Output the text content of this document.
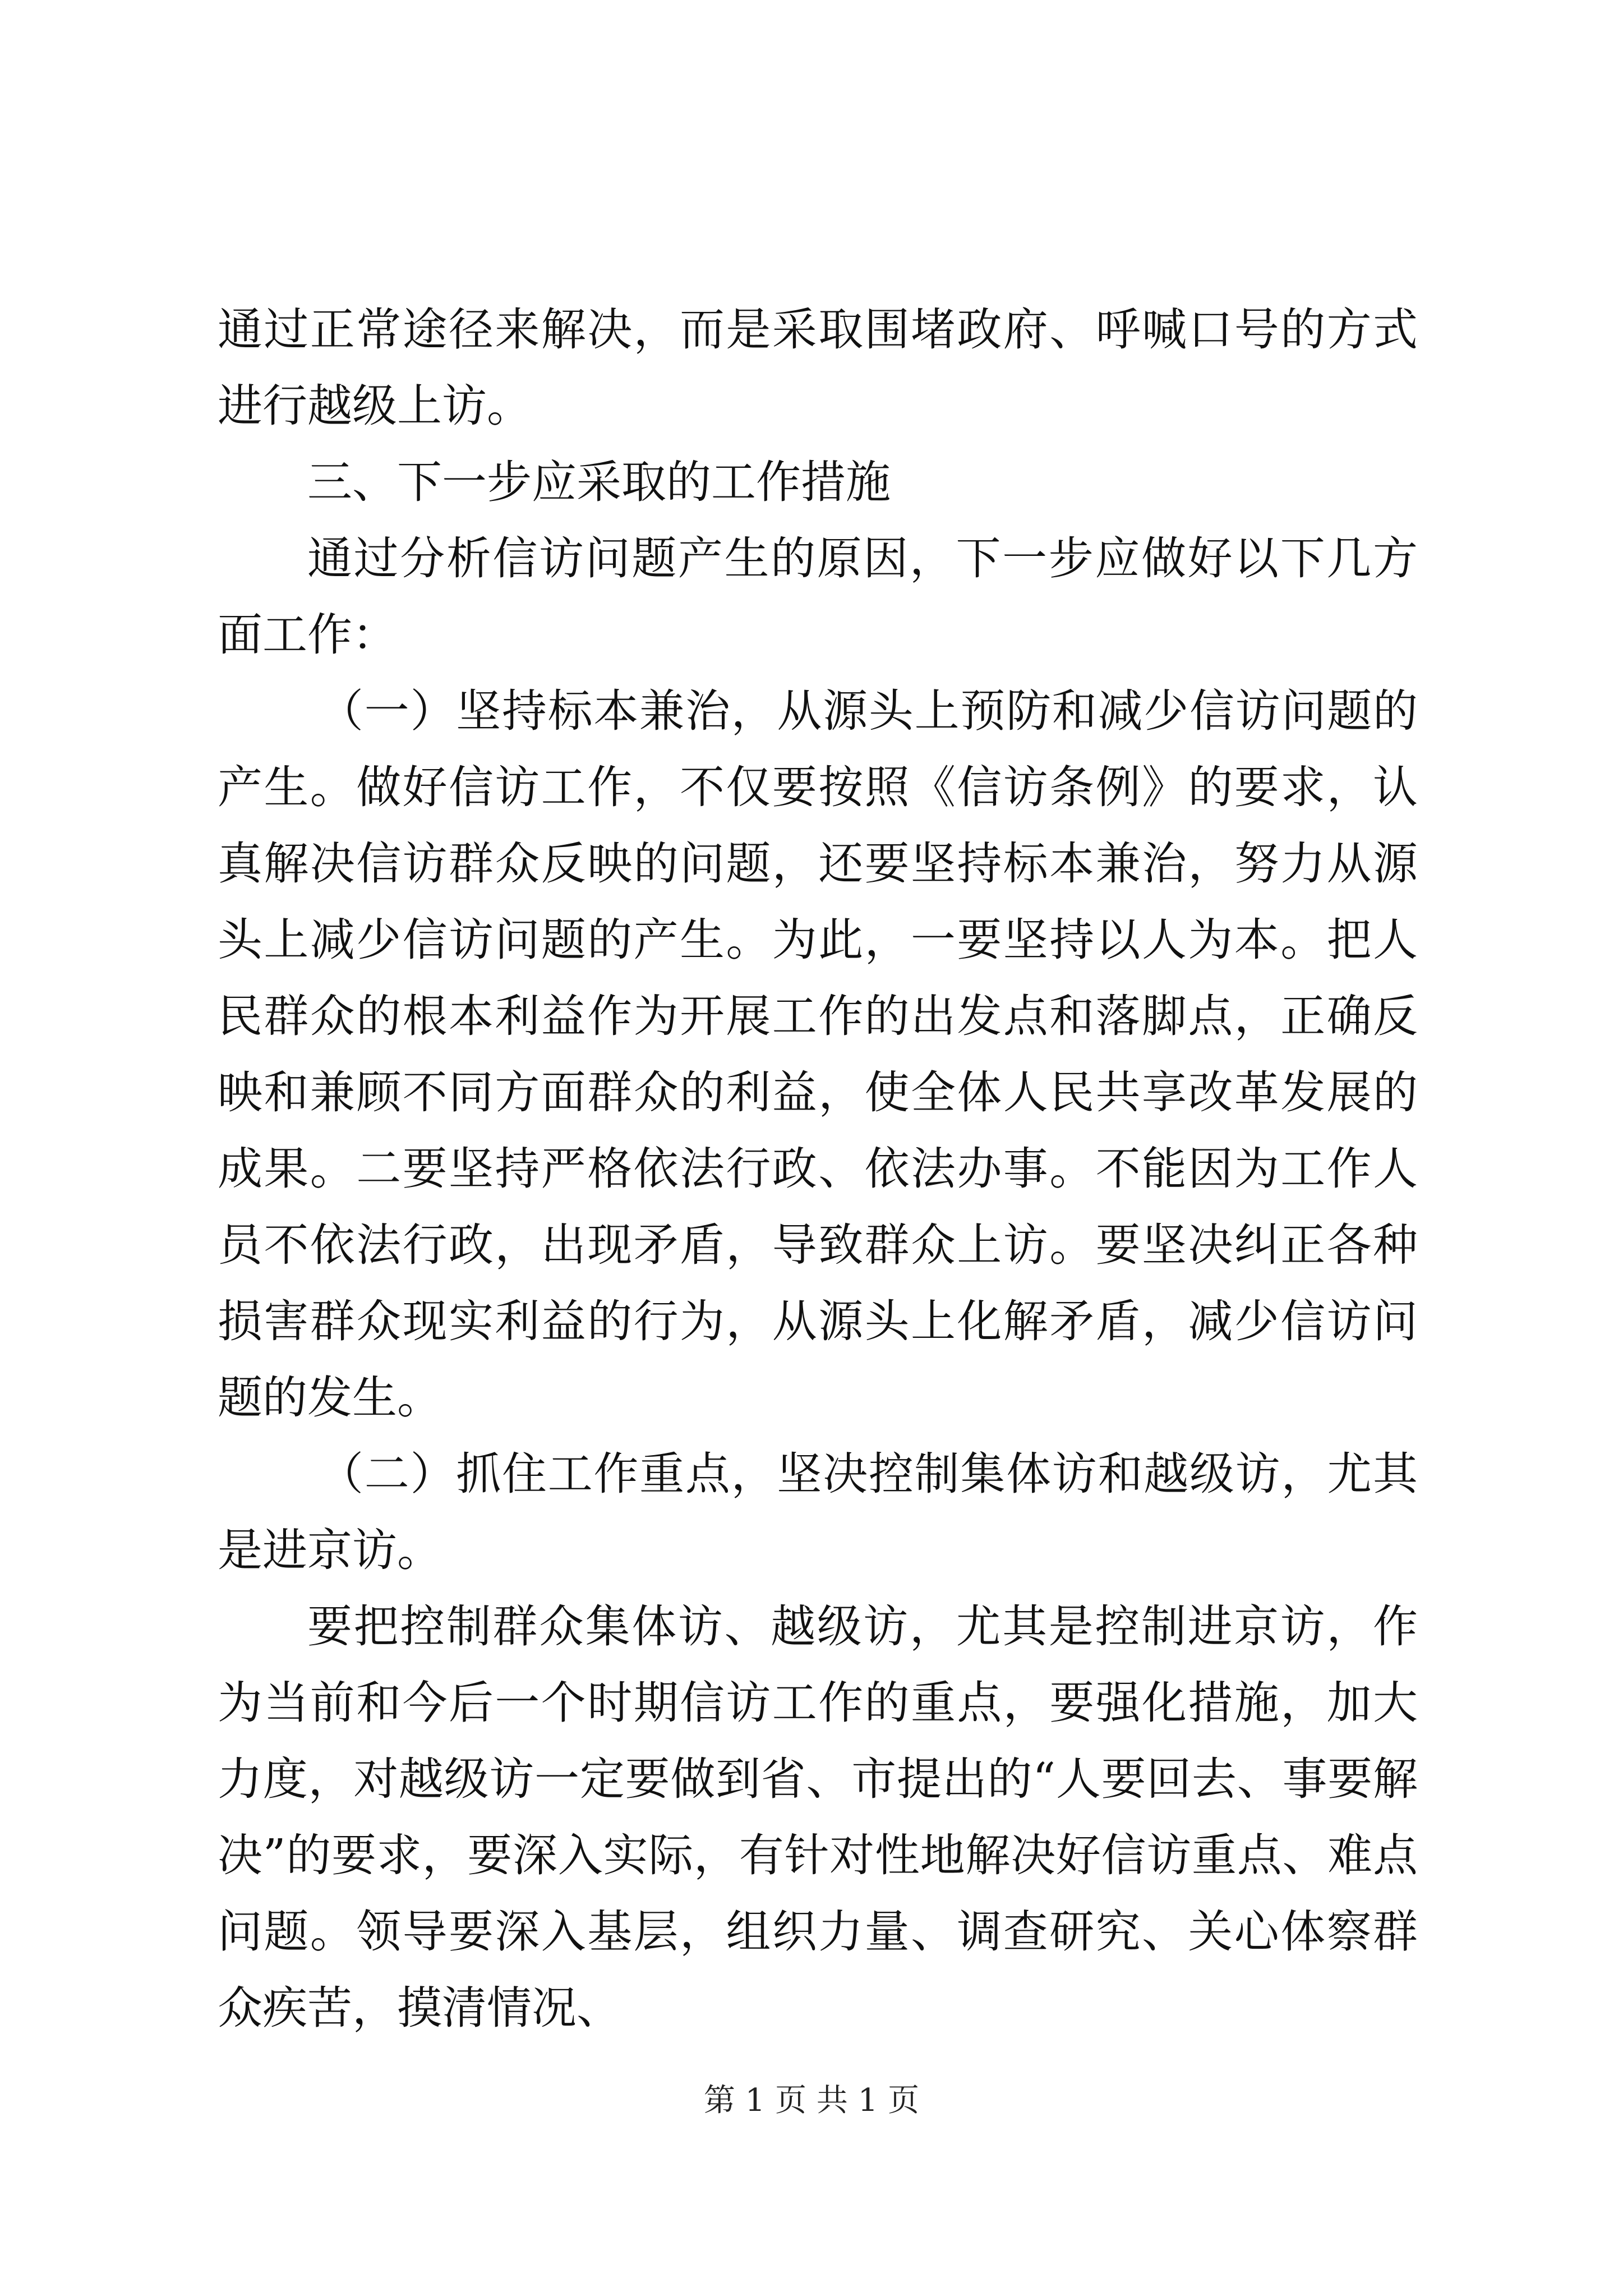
通过正常途径来解决，而是采取围堵政府、呼喊口号的方式进行越级上访。

三、下一步应采取的工作措施

通过分析信访问题产生的原因，下一步应做好以下几方面工作：

（一）坚持标本兼治，从源头上预防和减少信访问题的产生。做好信访工作，不仅要按照《信访条例》的要求，认真解决信访群众反映的问题，还要坚持标本兼治，努力从源头上减少信访问题的产生。为此，一要坚持以人为本。把人民群众的根本利益作为开展工作的出发点和落脚点，正确反映和兼顾不同方面群众的利益，使全体人民共享改革发展的成果。二要坚持严格依法行政、依法办事。不能因为工作人员不依法行政，出现矛盾，导致群众上访。要坚决纠正各种损害群众现实利益的行为，从源头上化解矛盾，减少信访问题的发生。

（二）抓住工作重点，坚决控制集体访和越级访，尤其是进京访。

要把控制群众集体访、越级访，尤其是控制进京访，作为当前和今后一个时期信访工作的重点，要强化措施，加大力度，对越级访一定要做到省、市提出的“人要回去、事要解决”的要求，要深入实际，有针对性地解决好信访重点、难点问题。领导要深入基层，组织力量、调查研究、关心体察群众疾苦，摸清情况、

第 1 页 共 1 页
